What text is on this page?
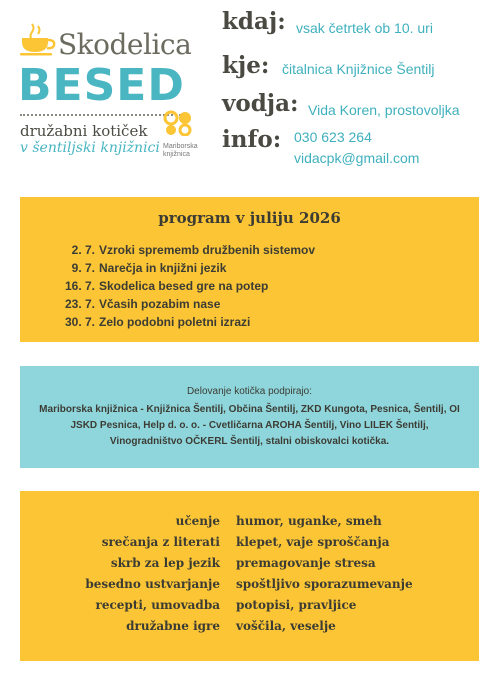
Skodelica
BESED
družabni kotiček
v šentiljski knjižnici Mariborska knjižnica
kdaj: vsak četrtek ob 10. uri
kje: čitalnica Knjižnice Šentilj
vodja: Vida Koren, prostovoljka
info: 030 623 264
vidacpk@gmail.com
program v juliju 2026
2. 7. Vzroki sprememb družbenih sistemov
9. 7. Narečja in knjižni jezik
16. 7. Skodelica besed gre na potep
23. 7. Včasih pozabim nase
30. 7. Zelo podobni poletni izrazi
Delovanje kotička podpirajo:
Mariborska knjižnica - Knjižnica Šentilj, Občina Šentilj, ZKD Kungota, Pesnica, Šentilj, OI JSKD Pesnica, Help d. o. o. - Cvetličarna AROHA Šentilj, Vino LILEK Šentilj, Vinogradništvo OČKERL Šentilj, stalni obiskovalci kotička.
učenje
srečanja z literati
skrb za lep jezik
besedno ustvarjanje
recepti, umovadba
družabne igre
humor, uganke, smeh
klepet, vaje sproščanja
premagovanje stresa
spoštljivo sporazumevanje
potopisi, pravljice
voščila, veselje
